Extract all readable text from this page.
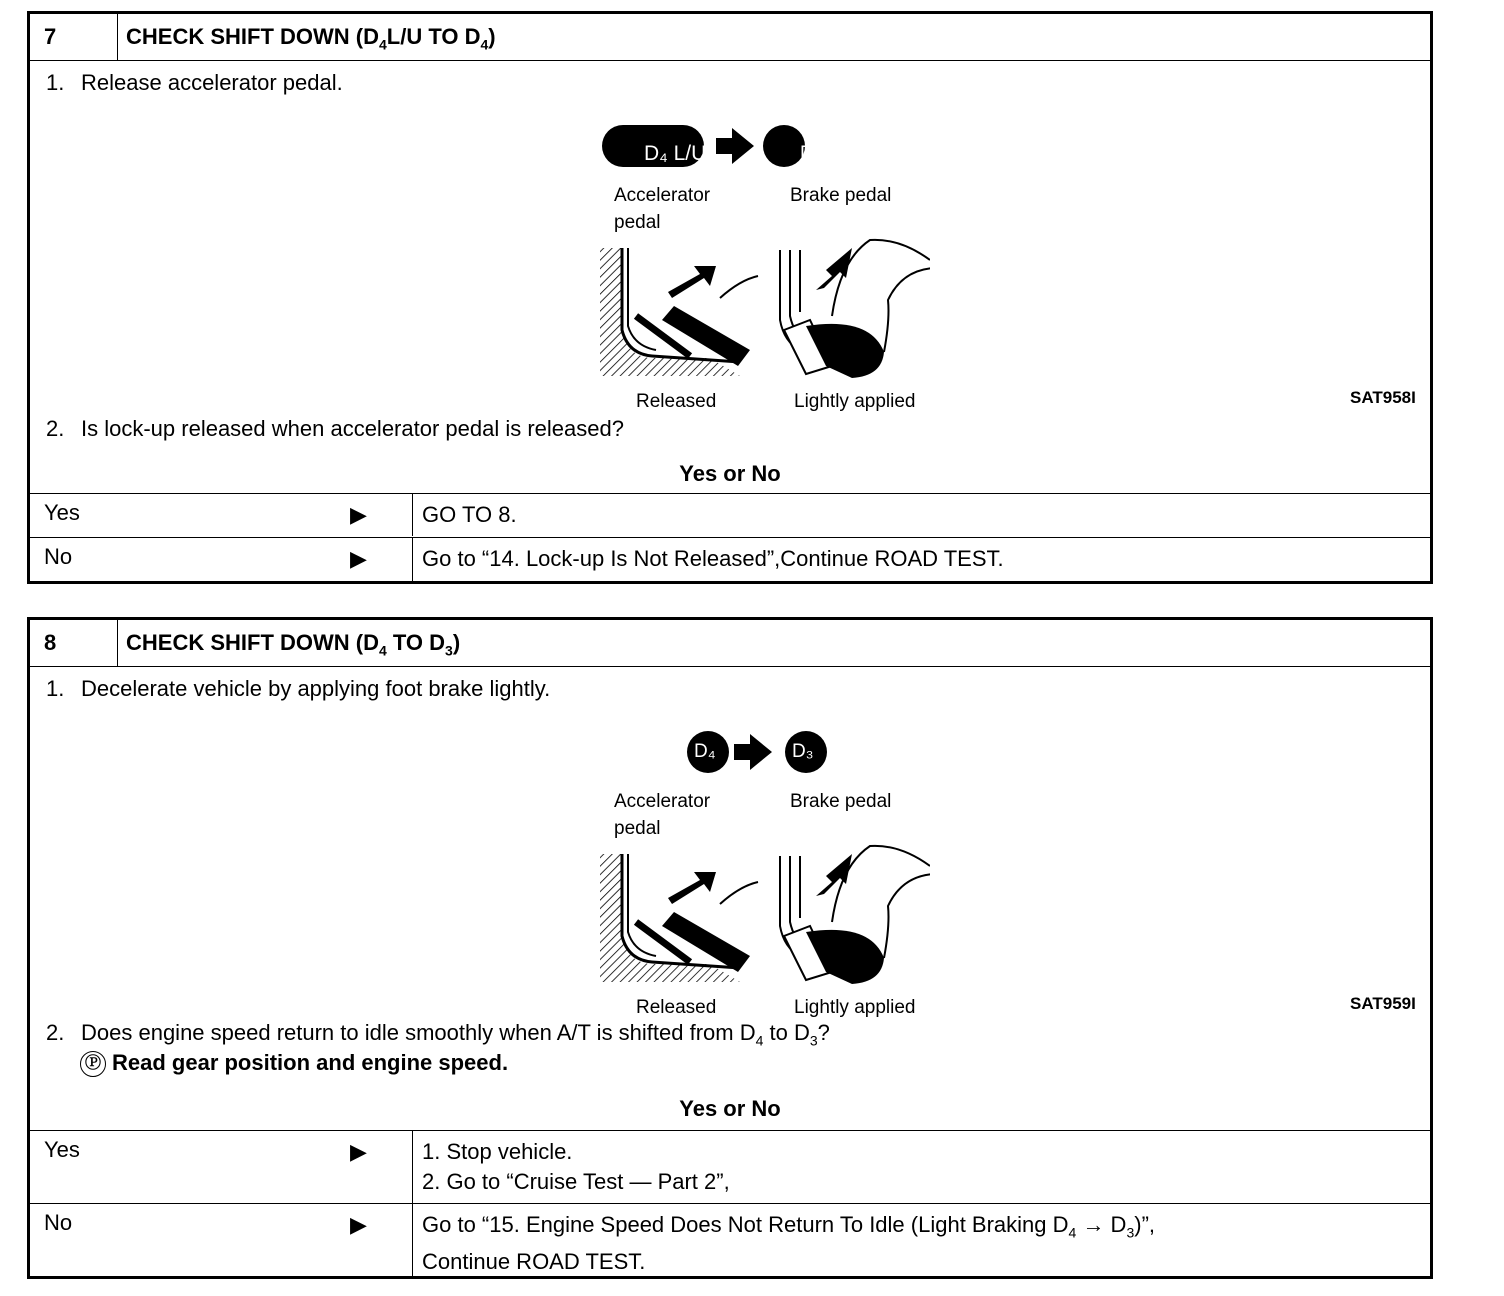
7	CHECK SHIFT DOWN ($D_4L/U$ TO $D_4$)
1. Release accelerator pedal.
D₄ L/U	D₄
Accelerator
pedal
Brake pedal
Released	Lightly applied	SAT958I
2. Is lock-up released when accelerator pedal is released?
Yes or No
Yes	▶	GO TO 8.
No	▶	Go to “14. Lock-up Is Not Released”,Continue ROAD TEST.
8	CHECK SHIFT DOWN ($D_4$ TO $D_3$)
1. Decelerate vehicle by applying foot brake lightly.
D₄	D₃
Accelerator
pedal
Brake pedal
Released	Lightly applied	SAT959I
2. Does engine speed return to idle smoothly when A/T is shifted from $D_4$ to $D_3$?
Ⓟ Read gear position and engine speed.
Yes or No
Yes	▶	1. Stop vehicle.
2. Go to “Cruise Test — Part 2”,
No	▶	Go to “15. Engine Speed Does Not Return To Idle (Light Braking $D_4 \to D_3$)”,
Continue ROAD TEST.
